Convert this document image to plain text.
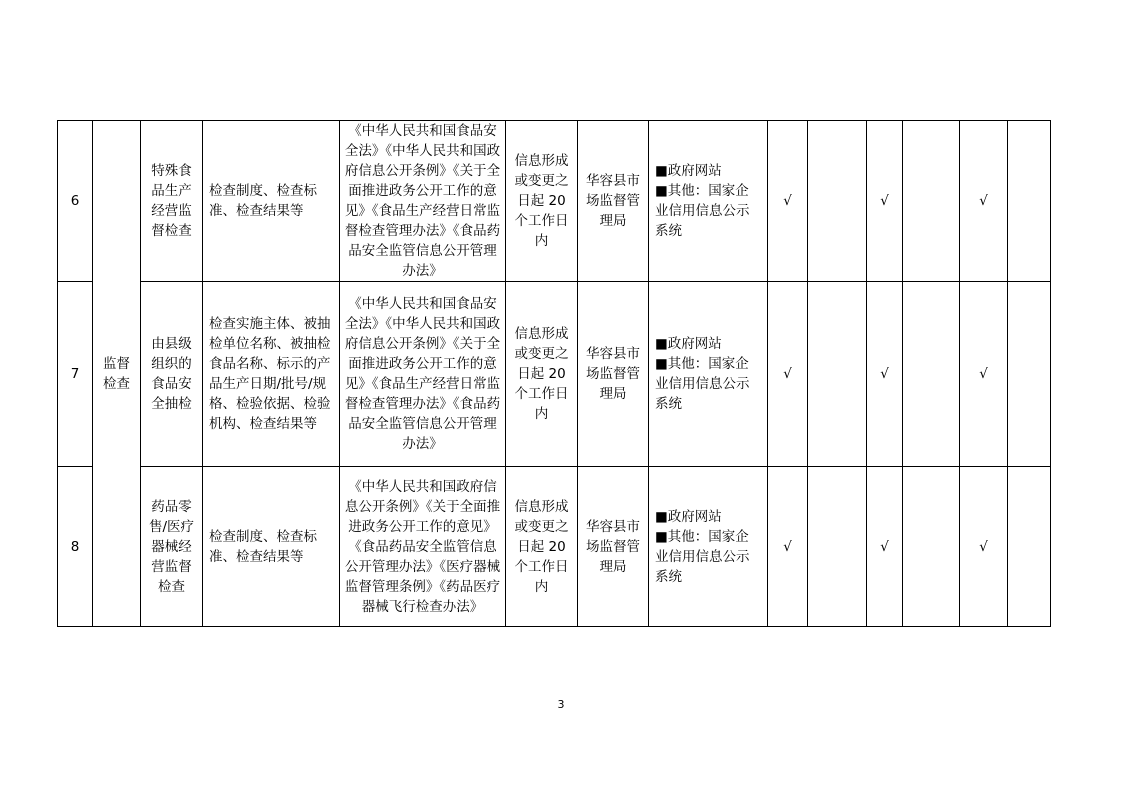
6	监督检查	特殊食品生产经营监督检查	检查制度、检查标准、检查结果等	《中华人民共和国食品安全法》《中华人民共和国政府信息公开条例》《关于全面推进政务公开工作的意见》《食品生产经营日常监督检查管理办法》《食品药品安全监管信息公开管理办法》	信息形成或变更之日起 20 个工作日内	华容县市场监督管理局	■政府网站
■其他：国家企业信用信息公示系统	√		√		√	
7		由县级组织的食品安全抽检	检查实施主体、被抽检单位名称、被抽检食品名称、标示的产品生产日期/批号/规格、检验依据、检验机构、检查结果等	《中华人民共和国食品安全法》《中华人民共和国政府信息公开条例》《关于全面推进政务公开工作的意见》《食品生产经营日常监督检查管理办法》《食品药品安全监管信息公开管理办法》	信息形成或变更之日起 20 个工作日内	华容县市场监督管理局	■政府网站
■其他：国家企业信用信息公示系统	√		√		√	
8		药品零售/医疗器械经营监督检查	检查制度、检查标准、检查结果等	《中华人民共和国政府信息公开条例》《关于全面推进政务公开工作的意见》《食品药品安全监管信息公开管理办法》《医疗器械监督管理条例》《药品医疗器械飞行检查办法》	信息形成或变更之日起 20 个工作日内	华容县市场监督管理局	■政府网站
■其他：国家企业信用信息公示系统	√		√		√	
3
